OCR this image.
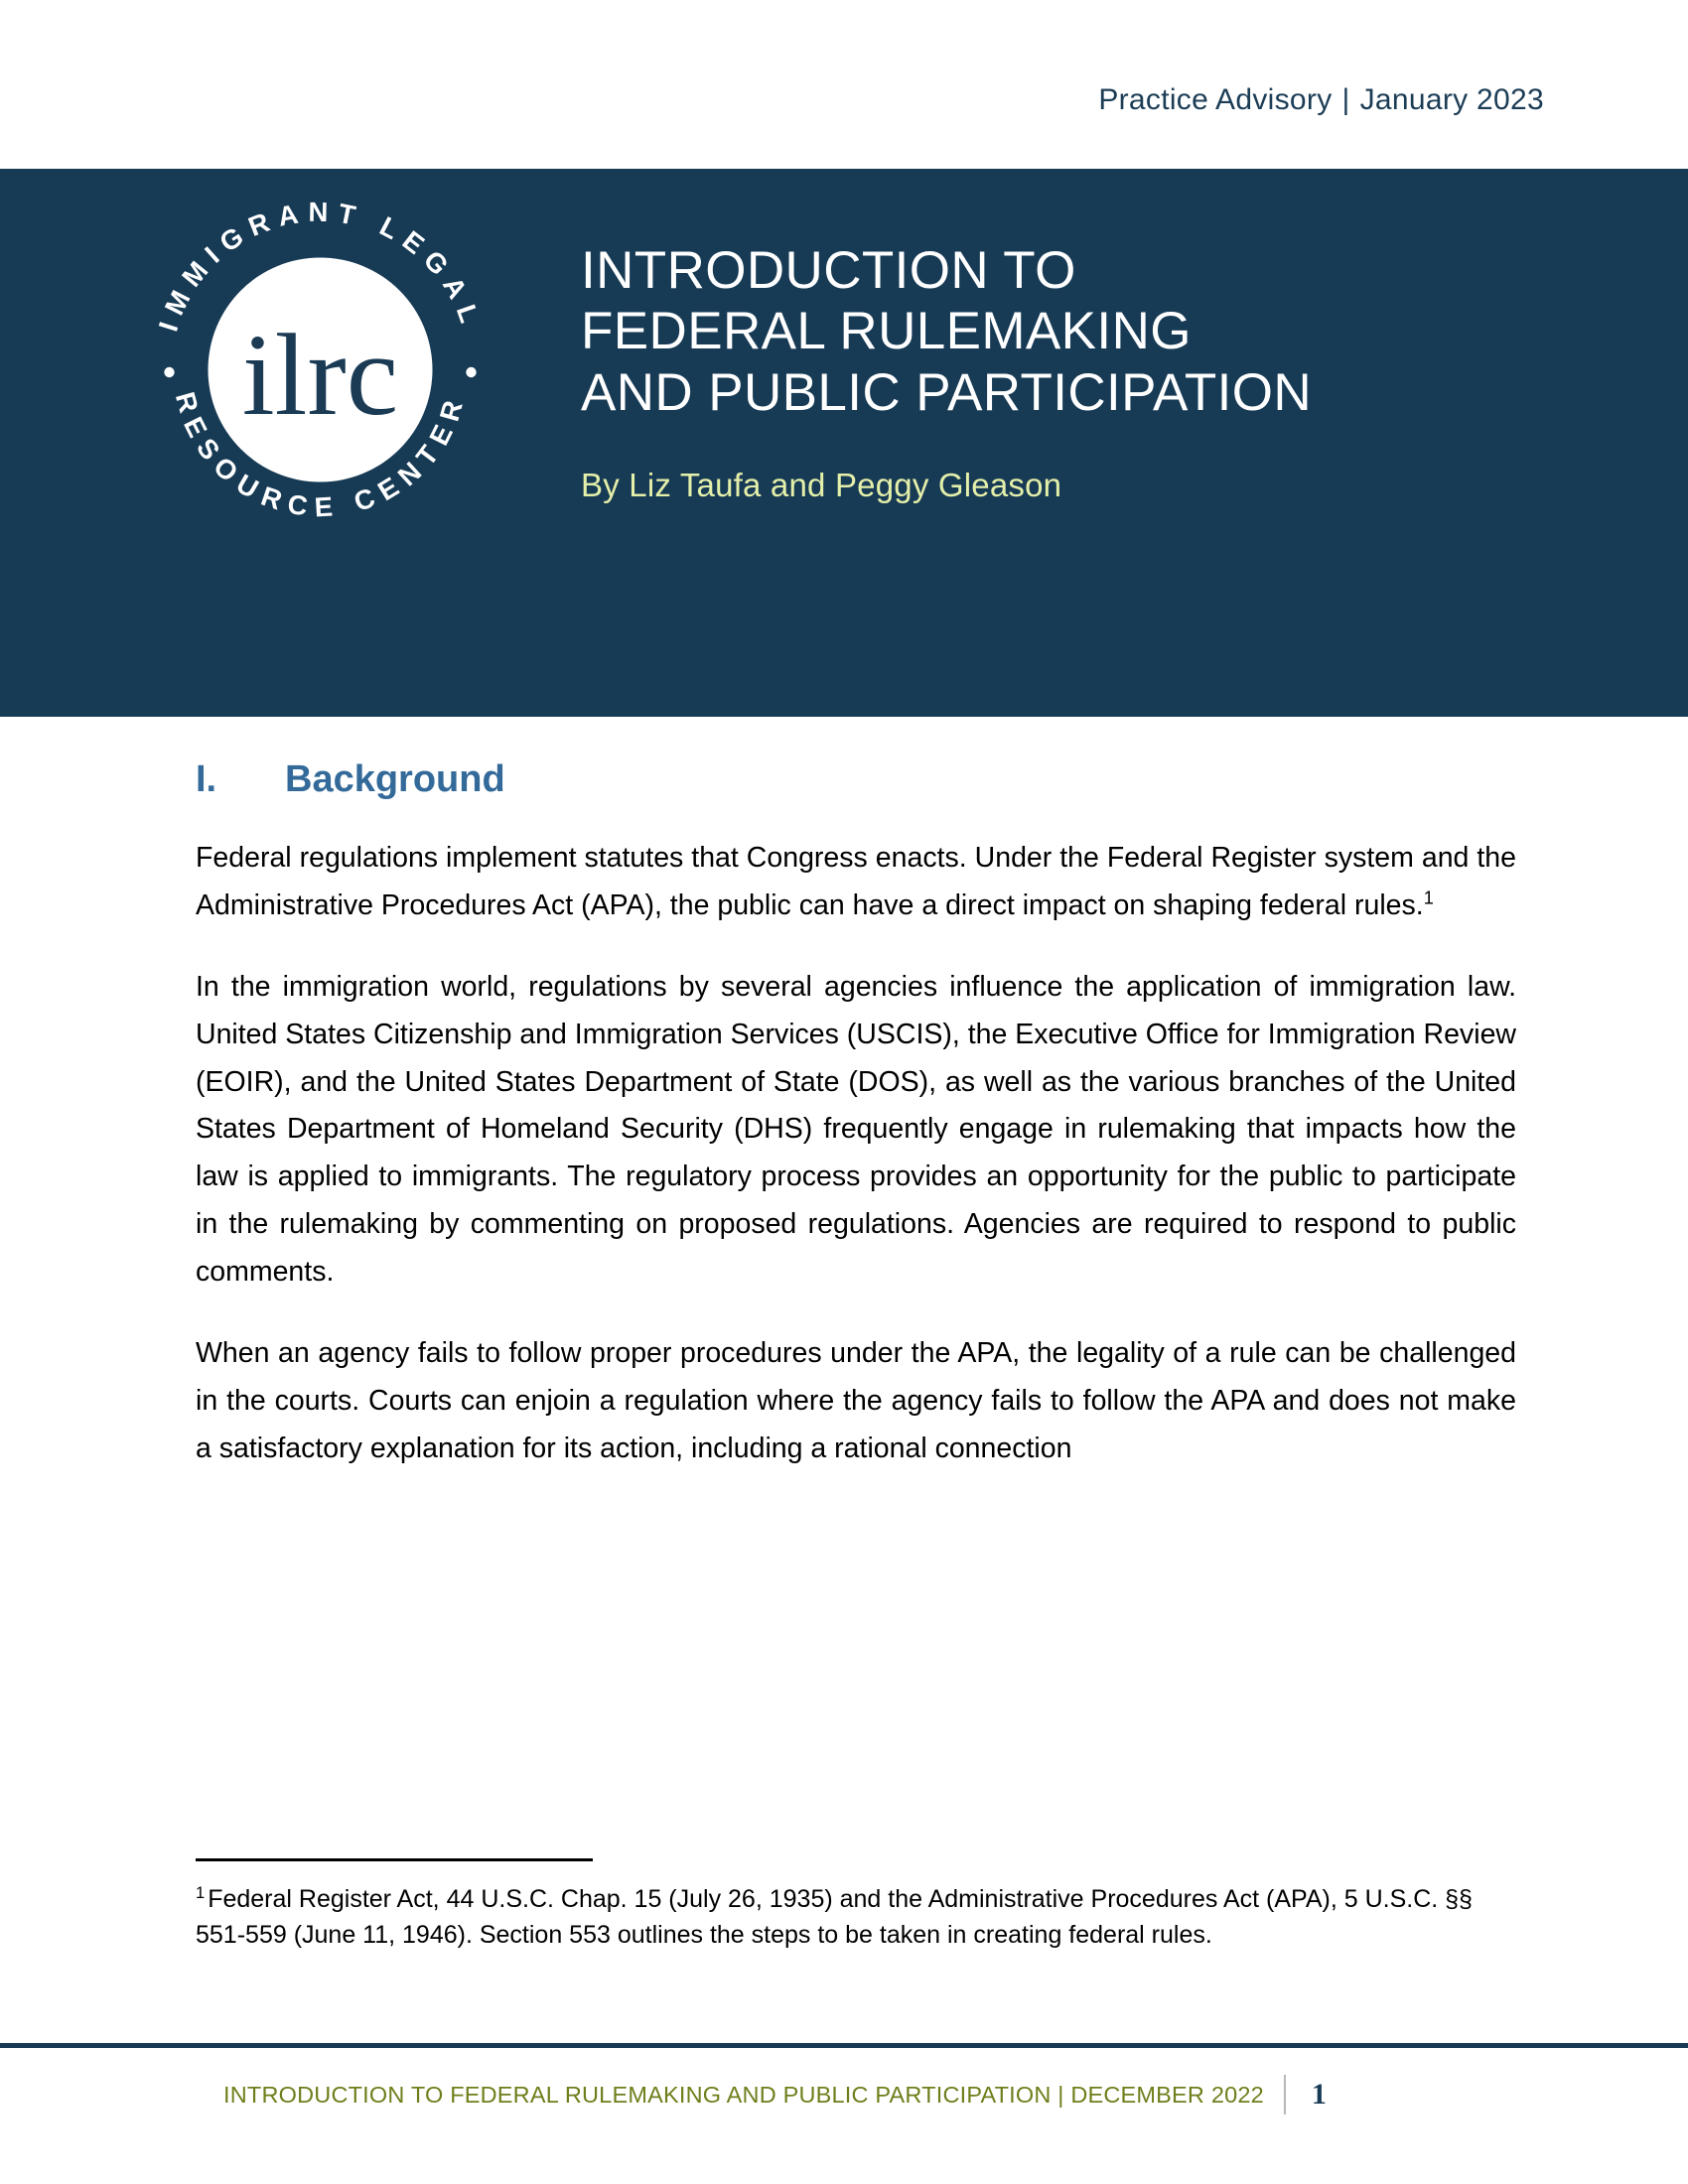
Practice Advisory | January 2023
IMMIGRANT LEGAL
RESOURCE CENTER
ilrc
INTRODUCTION TO
FEDERAL RULEMAKING
AND PUBLIC PARTICIPATION
By Liz Taufa and Peggy Gleason
I.	Background

Federal regulations implement statutes that Congress enacts. Under the Federal Register system and the Administrative Procedures Act (APA), the public can have a direct impact on shaping federal rules.$^1$

In the immigration world, regulations by several agencies influence the application of immigration law. United States Citizenship and Immigration Services (USCIS), the Executive Office for Immigration Review (EOIR), and the United States Department of State (DOS), as well as the various branches of the United States Department of Homeland Security (DHS) frequently engage in rulemaking that impacts how the law is applied to immigrants. The regulatory process provides an opportunity for the public to participate in the rulemaking by commenting on proposed regulations. Agencies are required to respond to public comments.

When an agency fails to follow proper procedures under the APA, the legality of a rule can be challenged in the courts. Courts can enjoin a regulation where the agency fails to follow the APA and does not make a satisfactory explanation for its action, including a rational connection

$^1$ Federal Register Act, 44 U.S.C. Chap. 15 (July 26, 1935) and the Administrative Procedures Act (APA), 5 U.S.C. §§ 551-559 (June 11, 1946). Section 553 outlines the steps to be taken in creating federal rules.
INTRODUCTION TO FEDERAL RULEMAKING AND PUBLIC PARTICIPATION | DECEMBER 2022 1
